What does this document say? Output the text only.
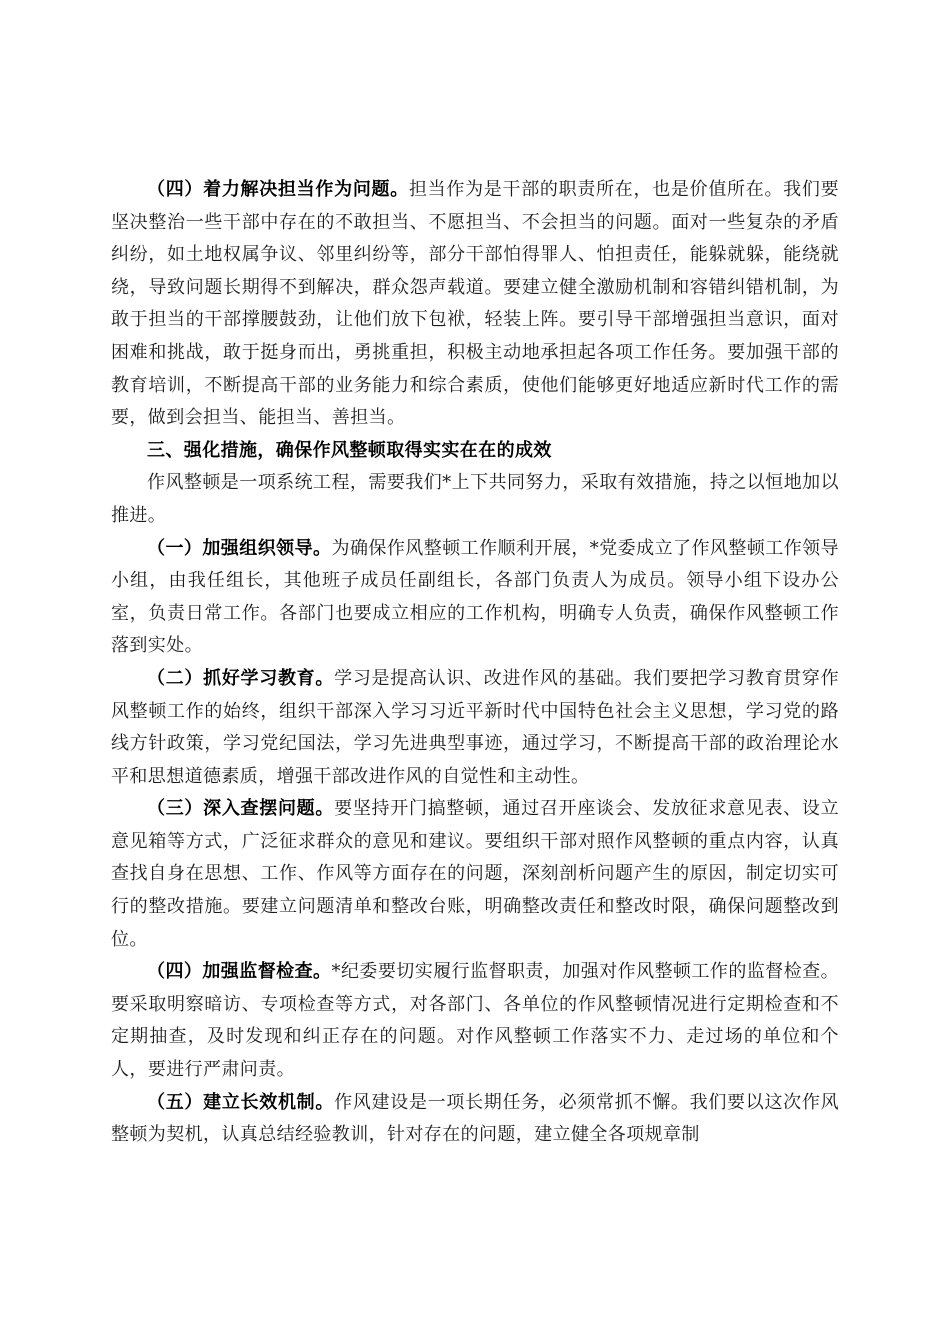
（四）着力解决担当作为问题。担当作为是干部的职责所在，也是价值所在。我们要坚决整治一些干部中存在的不敢担当、不愿担当、不会担当的问题。面对一些复杂的矛盾纠纷，如土地权属争议、邻里纠纷等，部分干部怕得罪人、怕担责任，能躲就躲，能绕就绕，导致问题长期得不到解决，群众怨声载道。要建立健全激励机制和容错纠错机制，为敢于担当的干部撑腰鼓劲，让他们放下包袱，轻装上阵。要引导干部增强担当意识，面对困难和挑战，敢于挺身而出，勇挑重担，积极主动地承担起各项工作任务。要加强干部的教育培训，不断提高干部的业务能力和综合素质，使他们能够更好地适应新时代工作的需要，做到会担当、能担当、善担当。

三、强化措施，确保作风整顿取得实实在在的成效

作风整顿是一项系统工程，需要我们*上下共同努力，采取有效措施，持之以恒地加以推进。

（一）加强组织领导。为确保作风整顿工作顺利开展，*党委成立了作风整顿工作领导小组，由我任组长，其他班子成员任副组长，各部门负责人为成员。领导小组下设办公室，负责日常工作。各部门也要成立相应的工作机构，明确专人负责，确保作风整顿工作落到实处。

（二）抓好学习教育。学习是提高认识、改进作风的基础。我们要把学习教育贯穿作风整顿工作的始终，组织干部深入学习习近平新时代中国特色社会主义思想，学习党的路线方针政策，学习党纪国法，学习先进典型事迹，通过学习，不断提高干部的政治理论水平和思想道德素质，增强干部改进作风的自觉性和主动性。

（三）深入查摆问题。要坚持开门搞整顿，通过召开座谈会、发放征求意见表、设立意见箱等方式，广泛征求群众的意见和建议。要组织干部对照作风整顿的重点内容，认真查找自身在思想、工作、作风等方面存在的问题，深刻剖析问题产生的原因，制定切实可行的整改措施。要建立问题清单和整改台账，明确整改责任和整改时限，确保问题整改到位。

（四）加强监督检查。*纪委要切实履行监督职责，加强对作风整顿工作的监督检查。要采取明察暗访、专项检查等方式，对各部门、各单位的作风整顿情况进行定期检查和不定期抽查，及时发现和纠正存在的问题。对作风整顿工作落实不力、走过场的单位和个人，要进行严肃问责。

（五）建立长效机制。作风建设是一项长期任务，必须常抓不懈。我们要以这次作风整顿为契机，认真总结经验教训，针对存在的问题，建立健全各项规章制
